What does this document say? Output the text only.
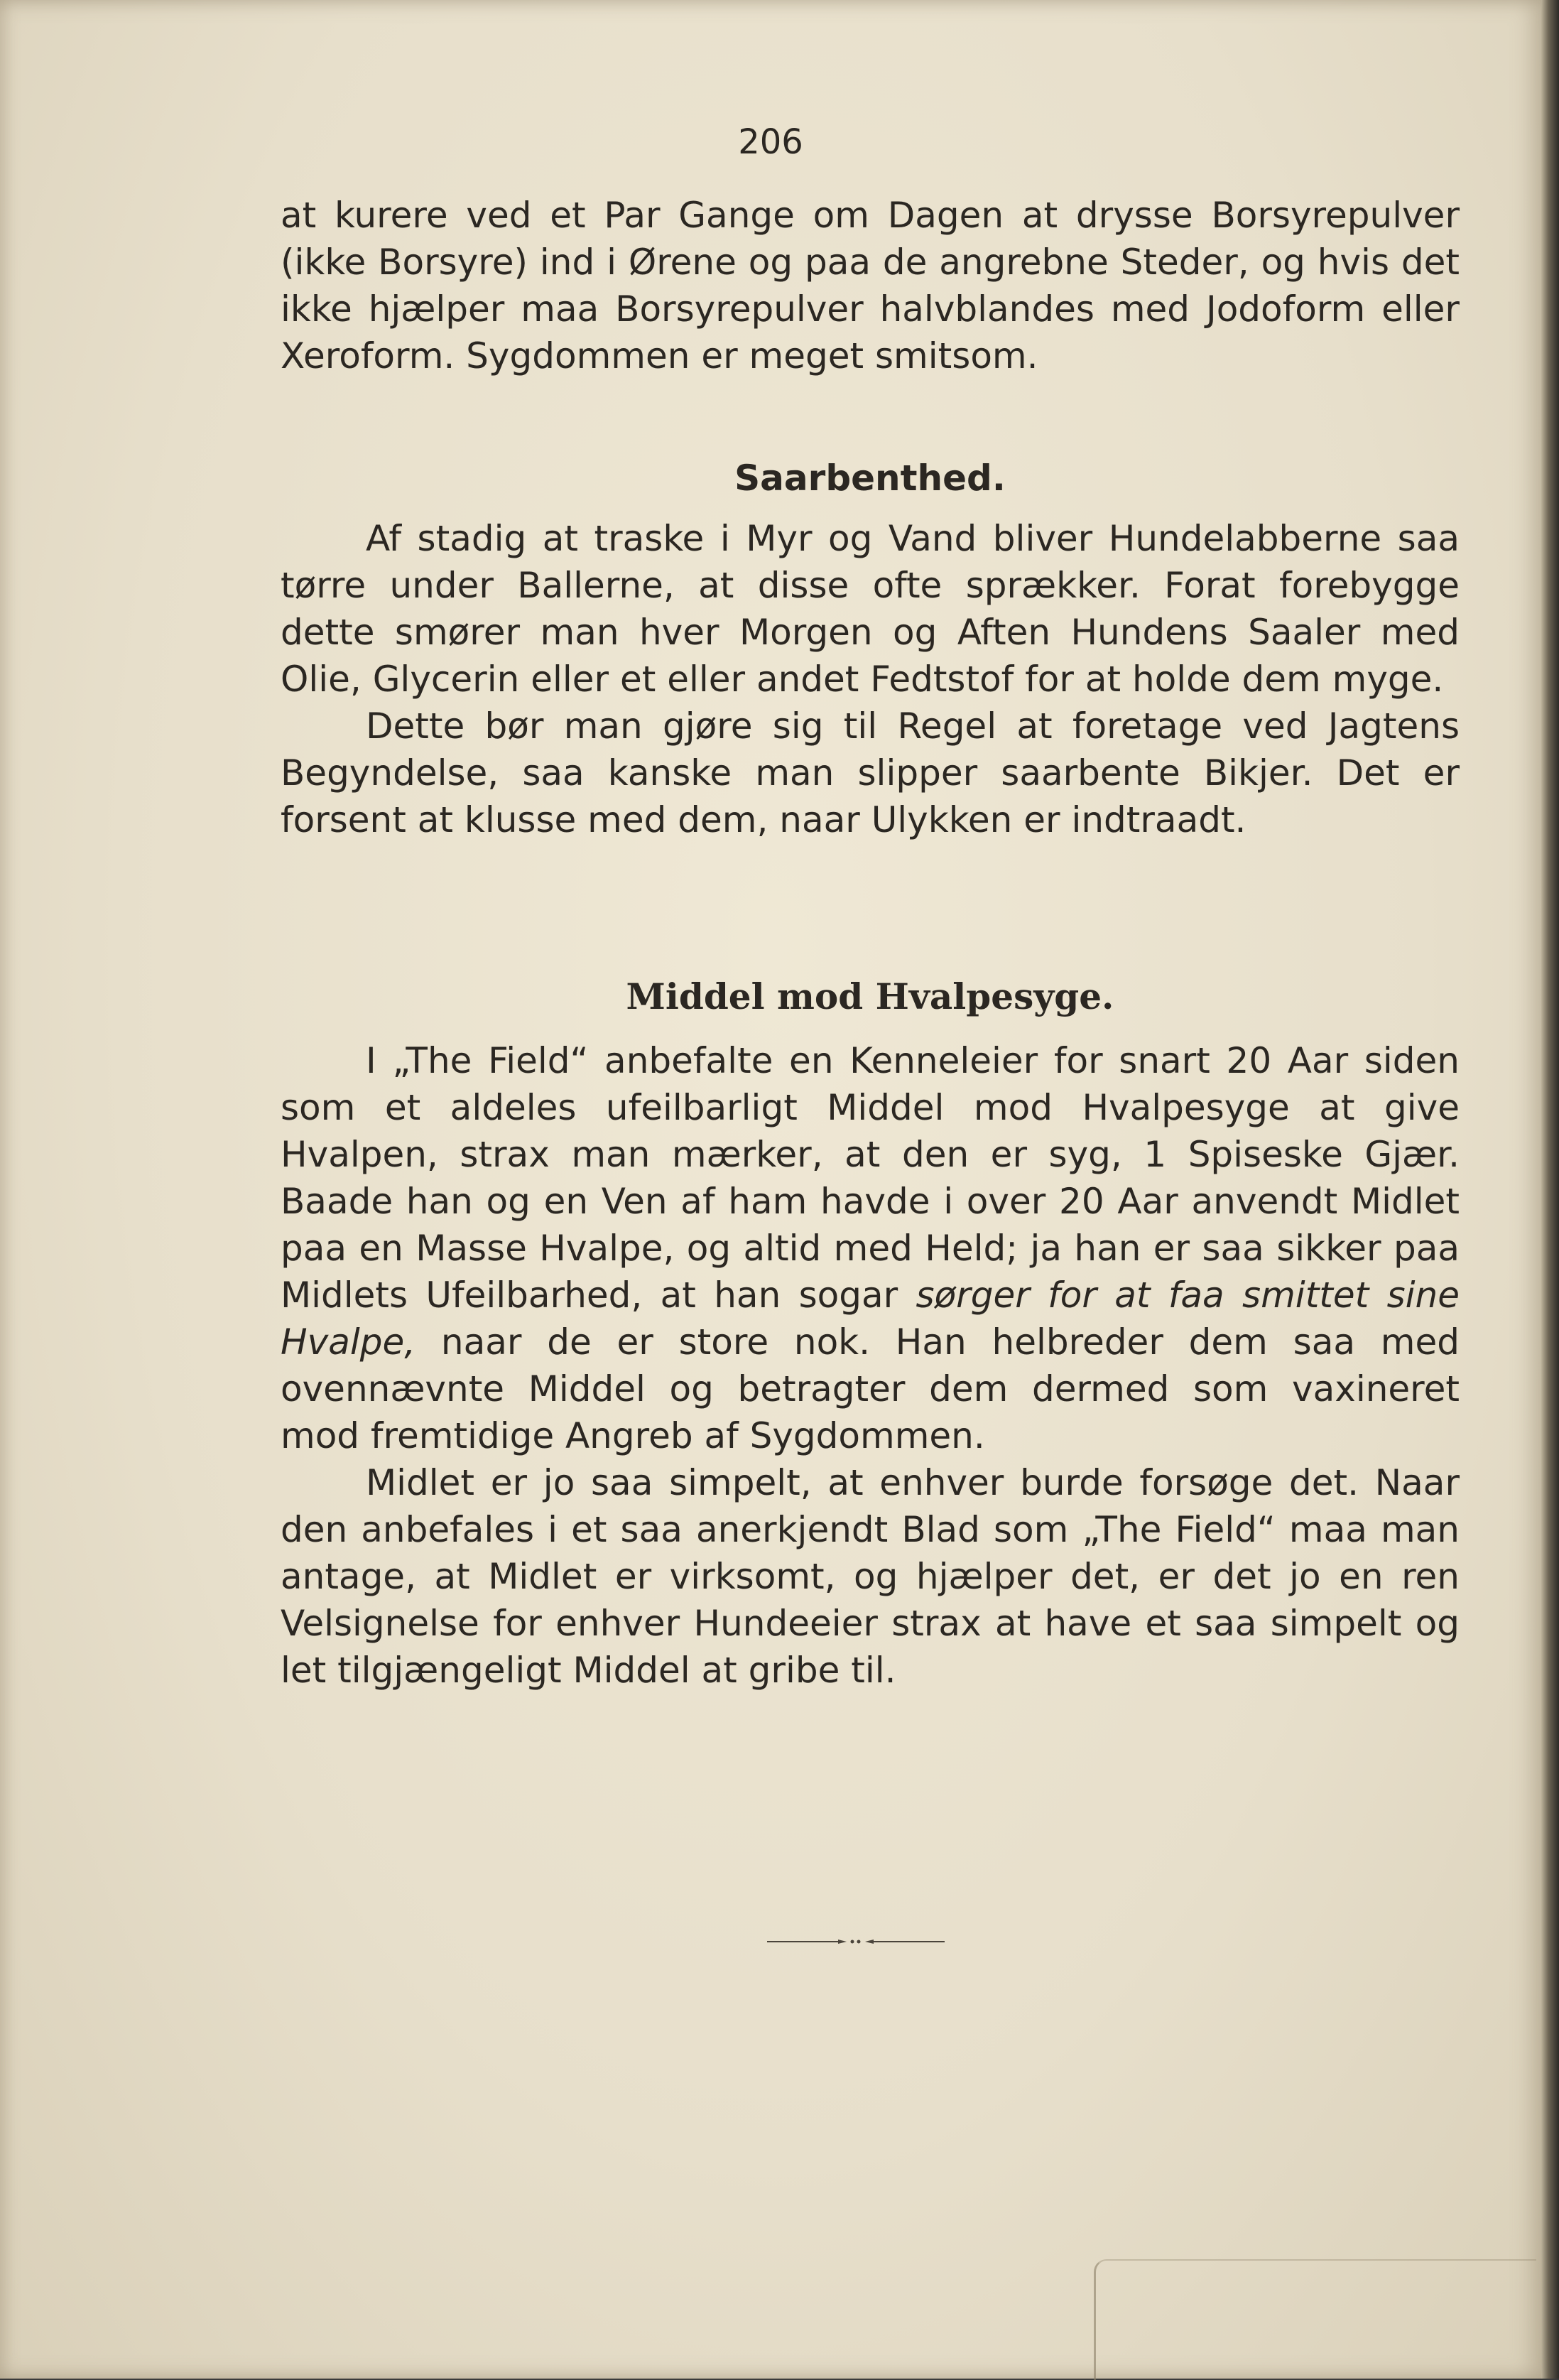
206

at kurere ved et Par Gange om Dagen at drysse Borsyrepulver (ikke Borsyre) ind i Ørene og paa de angrebne Steder, og hvis det ikke hjælper maa Borsyrepulver halvblandes med Jodoform eller Xeroform. Sygdommen er meget smitsom.

Saarbenthed.

Af stadig at traske i Myr og Vand bliver Hundelabberne saa tørre under Ballerne, at disse ofte sprækker. Forat forebygge dette smører man hver Morgen og Aften Hundens Saaler med Olie, Glycerin eller et eller andet Fedtstof for at holde dem myge.

Dette bør man gjøre sig til Regel at foretage ved Jagtens Begyndelse, saa kanske man slipper saarbente Bikjer. Det er forsent at klusse med dem, naar Ulykken er indtraadt.

Middel mod Hvalpesyge.

I „The Field“ anbefalte en Kenneleier for snart 20 Aar siden som et aldeles ufeilbarligt Middel mod Hvalpesyge at give Hvalpen, strax man mærker, at den er syg, 1 Spiseske Gjær. Baade han og en Ven af ham havde i over 20 Aar anvendt Midlet paa en Masse Hvalpe, og altid med Held; ja han er saa sikker paa Midlets Ufeilbarhed, at han sogar sørger for at faa smittet sine Hvalpe, naar de er store nok. Han helbreder dem saa med ovennævnte Middel og betragter dem dermed som vaxineret mod fremtidige Angreb af Sygdommen.

Midlet er jo saa simpelt, at enhver burde forsøge det. Naar den anbefales i et saa anerkjendt Blad som „The Field“ maa man antage, at Midlet er virksomt, og hjælper det, er det jo en ren Velsignelse for enhver Hundeeier strax at have et saa simpelt og let tilgjængeligt Middel at gribe til.
